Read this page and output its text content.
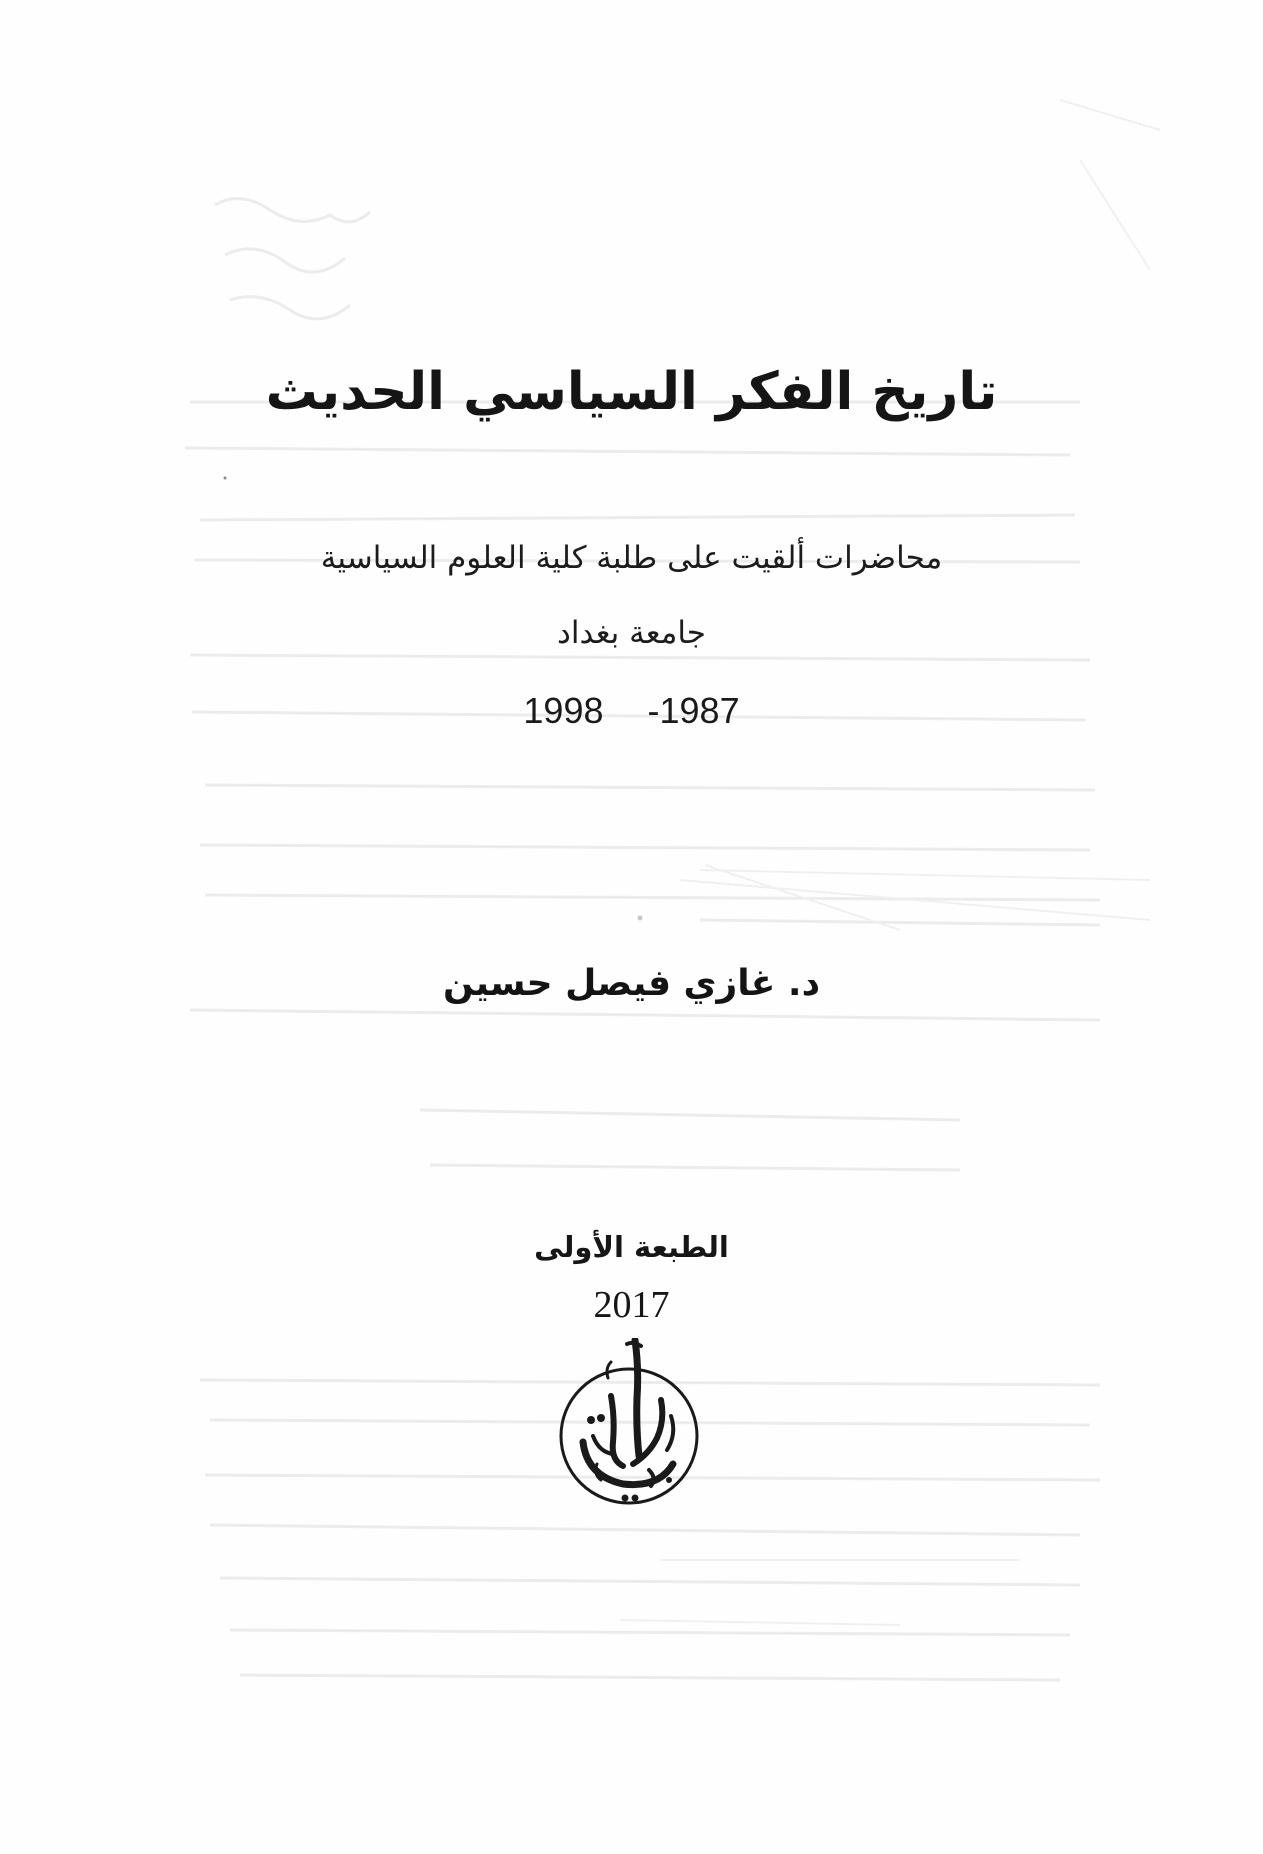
تاريخ الفكر السياسي الحديث
محاضرات ألقيت على طلبة كلية العلوم السياسية
جامعة بغداد
1998 -1987
د. غازي فيصل حسين
الطبعة الأولى
2017
